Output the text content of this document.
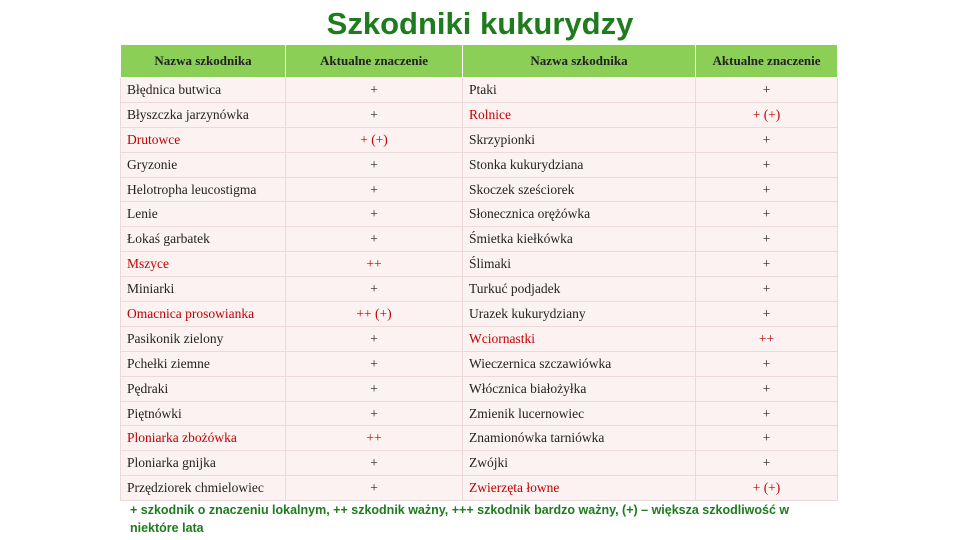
Szkodniki kukurydzy
Nazwa szkodnika	Aktualne znaczenie	Nazwa szkodnika	Aktualne znaczenie
Błędnica butwica	+	Ptaki	+
Błyszczka jarzynówka	+	Rolnice	+ (+)
Drutowce	+ (+)	Skrzypionki	+
Gryzonie	+	Stonka kukurydziana	+
Helotropha leucostigma	+	Skoczek sześciorek	+
Lenie	+	Słonecznica orężówka	+
Łokaś garbatek	+	Śmietka kiełkówka	+
Mszyce	++	Ślimaki	+
Miniarki	+	Turkuć podjadek	+
Omacnica prosowianka	++ (+)	Urazek kukurydziany	+
Pasikonik zielony	+	Wciornastki	++
Pchełki ziemne	+	Wieczernica szczawiówka	+
Pędraki	+	Włócznica białożyłka	+
Piętnówki	+	Zmienik lucernowiec	+
Ploniarka zbożówka	++	Znamionówka tarniówka	+
Ploniarka gnijka	+	Zwójki	+
Przędziorek chmielowiec	+	Zwierzęta łowne	+ (+)
+ szkodnik o znaczeniu lokalnym, ++ szkodnik ważny, +++ szkodnik bardzo ważny, (+) – większa szkodliwość w niektóre lata
